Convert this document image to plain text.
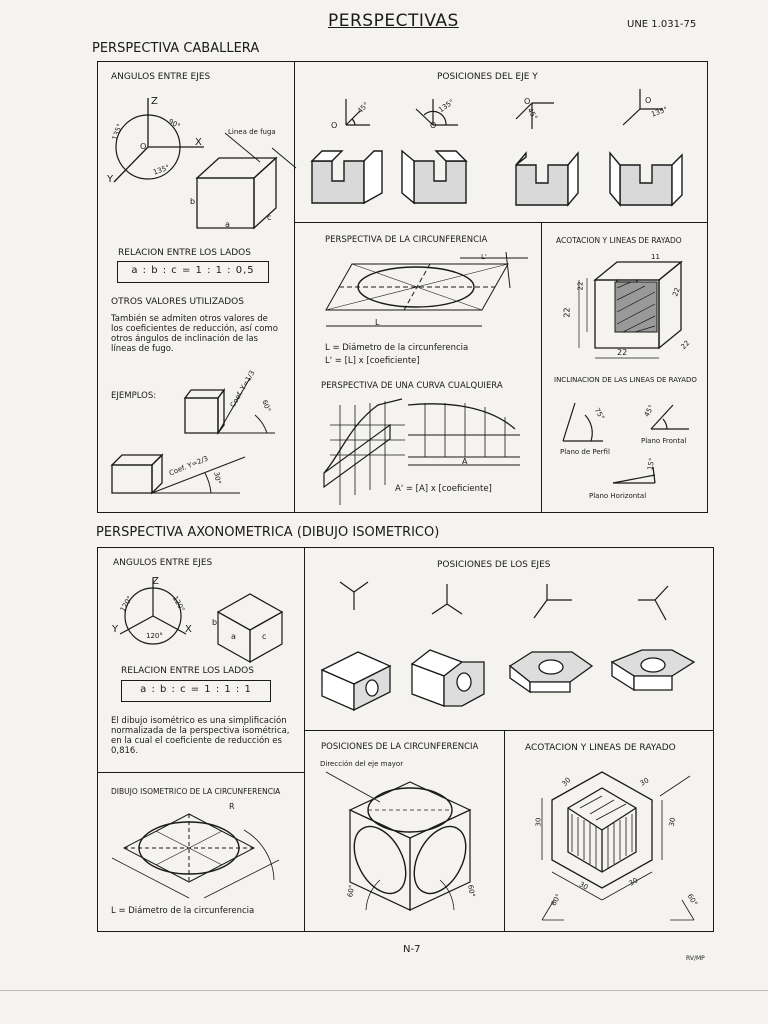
PERSPECTIVAS	UNE 1.031-75
PERSPECTIVA CABALLERA
ANGULOS ENTRE EJES
Z
X
Y
O
135°	90°
135°
Linea de fuga
a
b
c
RELACION ENTRE LOS LADOS
a : b : c = 1 : 1 : 0,5
OTROS VALORES UTILIZADOS
También se admiten otros valores de los coeficientes de reducción, así como otros ángulos de inclinación de las líneas de fugo.
EJEMPLOS:	Coef. Y=1/3 60°
Coef. Y=2/3
30°
POSICIONES DEL EJE Y
45°	135°	45°	135°
O	O
O	O
PERSPECTIVA DE LA CIRCUNFERENCIA
L
L'
L = Diámetro de la circunferencia
L' = [L] x [coeficiente]
PERSPECTIVA DE UNA CURVA CUALQUIERA
A
A' = [A] x [coeficiente]
ACOTACION Y LINEAS DE RAYADO
22
22
22
11
22
22
INCLINACION DE LAS LINEAS DE RAYADO
75°	45°
15°
Plano de Perfil
Plano Frontal
Plano Horizontal
PERSPECTIVA AXONOMETRICA (DIBUJO ISOMETRICO)
ANGULOS ENTRE EJES
Z
X
Y
120°
120°	120°
b
a	c
RELACION ENTRE LOS LADOS
a : b : c = 1 : 1 : 1
El dibujo isométrico es una simplificación normalizada de la perspectiva isométrica, en la cual el coeficiente de reducción es 0,816.
POSICIONES DE LOS EJES
DIBUJO ISOMETRICO DE LA CIRCUNFERENCIA
R
L = Diámetro de la circunferencia
POSICIONES DE LA CIRCUNFERENCIA
Dirección del eje mayor
60°	60°
ACOTACION Y LINEAS DE RAYADO
30	30
30	30
30	30
60°	60°
N-7
RV/MP
